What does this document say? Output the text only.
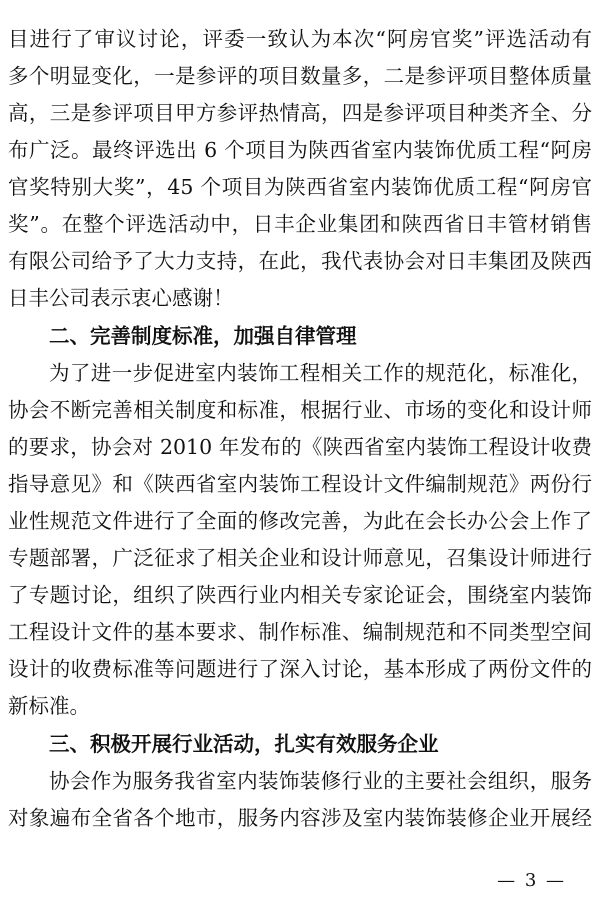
目进行了审议讨论，评委一致认为本次“阿房官奖”评选活动有
多个明显变化，一是参评的项目数量多，二是参评项目整体质量
高，三是参评项目甲方参评热情高，四是参评项目种类齐全、分
布广泛。最终评选出 6 个项目为陕西省室内装饰优质工程“阿房
官奖特别大奖”，45 个项目为陕西省室内装饰优质工程“阿房官
奖”。在整个评选活动中，日丰企业集团和陕西省日丰管材销售
有限公司给予了大力支持，在此，我代表协会对日丰集团及陕西
日丰公司表示衷心感谢！
二、完善制度标准，加强自律管理
为了进一步促进室内装饰工程相关工作的规范化，标准化，
协会不断完善相关制度和标准，根据行业、市场的变化和设计师
的要求，协会对 2010 年发布的《陕西省室内装饰工程设计收费
指导意见》和《陕西省室内装饰工程设计文件编制规范》两份行
业性规范文件进行了全面的修改完善，为此在会长办公会上作了
专题部署，广泛征求了相关企业和设计师意见，召集设计师进行
了专题讨论，组织了陕西行业内相关专家论证会，围绕室内装饰
工程设计文件的基本要求、制作标准、编制规范和不同类型空间
设计的收费标准等问题进行了深入讨论，基本形成了两份文件的
新标准。
三、积极开展行业活动，扎实有效服务企业
协会作为服务我省室内装饰装修行业的主要社会组织，服务
对象遍布全省各个地市，服务内容涉及室内装饰装修企业开展经
— 3 —
